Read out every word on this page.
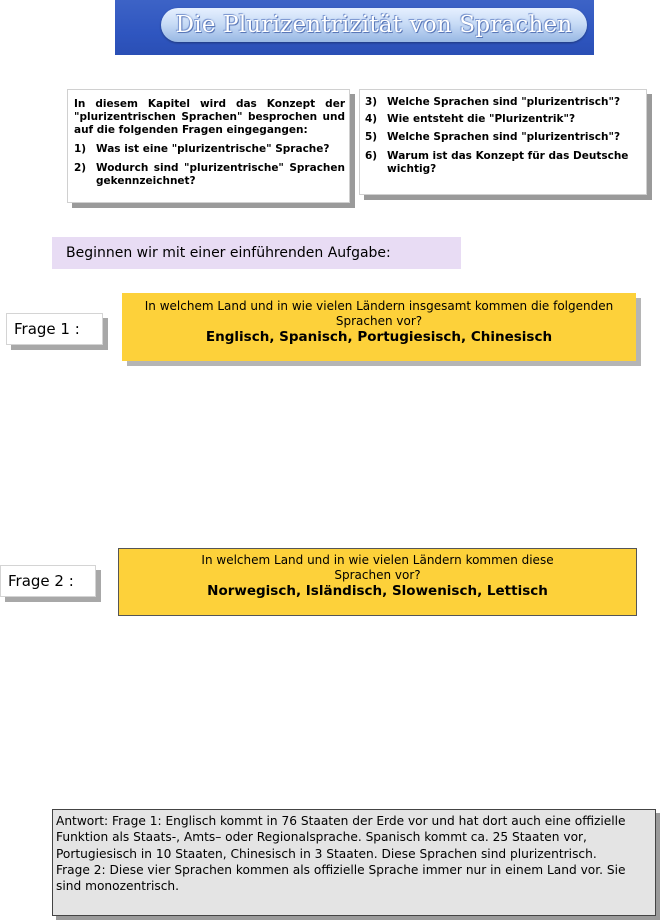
Die Plurizentrizität von Sprachen
In diesem Kapitel wird das Konzept der "plurizentrischen Sprachen" besprochen und auf die folgenden Fragen eingegangen:
1) Was ist eine "plurizentrische" Sprache?
2) Wodurch sind "plurizentrische" Sprachen gekennzeichnet?
3) Welche Sprachen sind "plurizentrisch"?
4) Wie entsteht die "Plurizentrik"?
5) Welche Sprachen sind "plurizentrisch"?
6) Warum ist das Konzept für das Deutsche wichtig?
Beginnen wir mit einer einführenden Aufgabe:
Frage 1 :
In welchem Land und in wie vielen Ländern insgesamt kommen die folgenden Sprachen vor?
Englisch, Spanisch, Portugiesisch, Chinesisch
Frage 2 :
In welchem Land und in wie vielen Ländern kommen diese Sprachen vor?
Norwegisch, Isländisch, Slowenisch, Lettisch
Antwort: Frage 1: Englisch kommt in 76 Staaten der Erde vor und hat dort auch eine offizielle Funktion als Staats-, Amts– oder Regionalsprache. Spanisch kommt ca. 25 Staaten vor, Portugiesisch in 10 Staaten, Chinesisch in 3 Staaten. Diese Sprachen sind plurizentrisch.
Frage 2: Diese vier Sprachen kommen als offizielle Sprache immer nur in einem Land vor. Sie sind monozentrisch.
